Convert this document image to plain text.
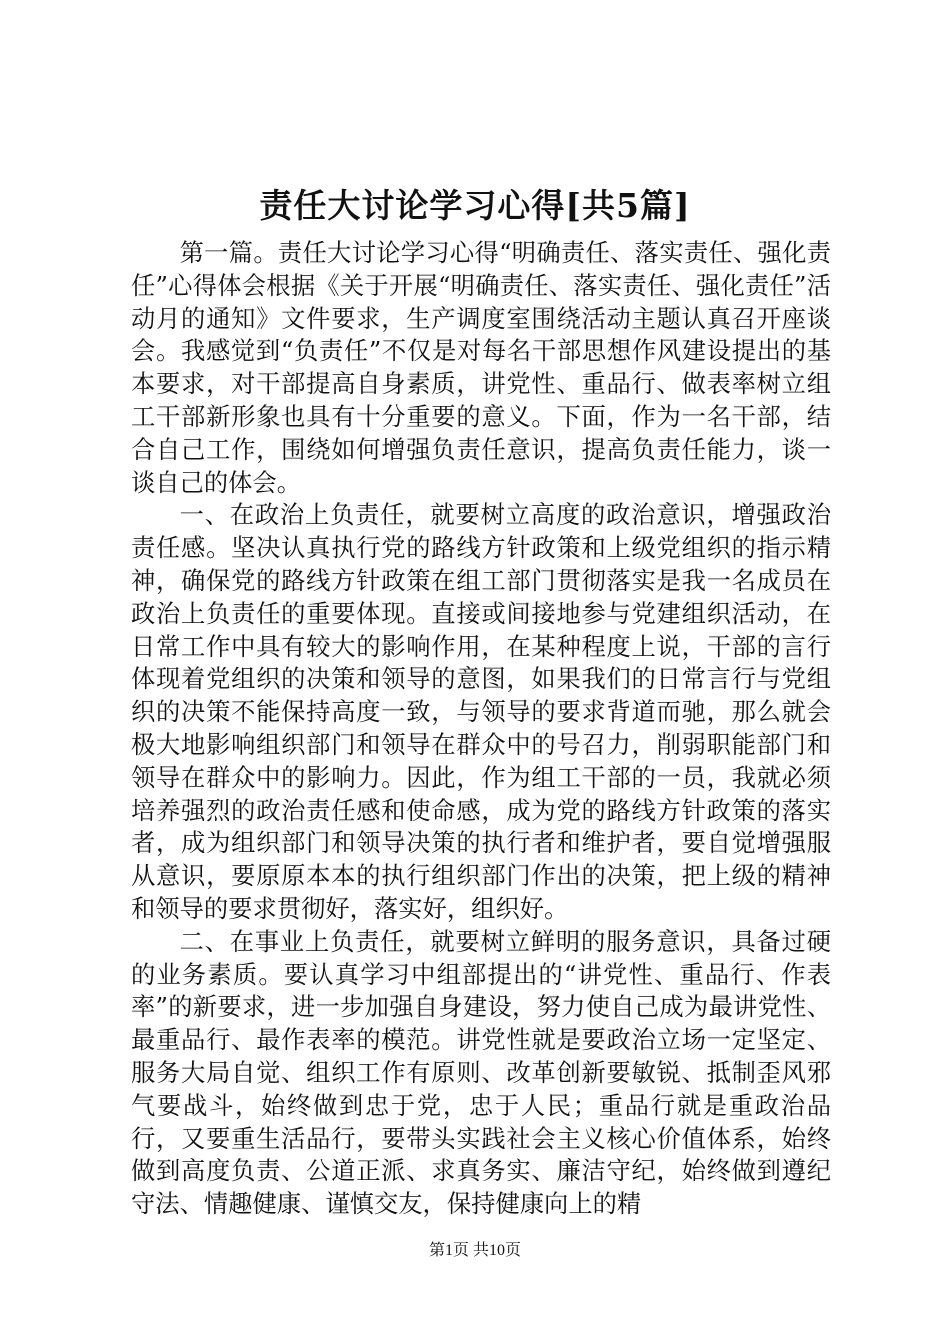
责任大讨论学习心得[共5篇]

第一篇。责任大讨论学习心得“明确责任、落实责任、强化责任”心得体会根据《关于开展“明确责任、落实责任、强化责任”活动月的通知》文件要求，生产调度室围绕活动主题认真召开座谈会。我感觉到“负责任”不仅是对每名干部思想作风建设提出的基本要求，对干部提高自身素质，讲党性、重品行、做表率树立组工干部新形象也具有十分重要的意义。下面，作为一名干部，结合自己工作，围绕如何增强负责任意识，提高负责任能力，谈一谈自己的体会。

一、在政治上负责任，就要树立高度的政治意识，增强政治责任感。坚决认真执行党的路线方针政策和上级党组织的指示精神，确保党的路线方针政策在组工部门贯彻落实是我一名成员在政治上负责任的重要体现。直接或间接地参与党建组织活动，在日常工作中具有较大的影响作用，在某种程度上说，干部的言行体现着党组织的决策和领导的意图，如果我们的日常言行与党组织的决策不能保持高度一致，与领导的要求背道而驰，那么就会极大地影响组织部门和领导在群众中的号召力，削弱职能部门和领导在群众中的影响力。因此，作为组工干部的一员，我就必须培养强烈的政治责任感和使命感，成为党的路线方针政策的落实者，成为组织部门和领导决策的执行者和维护者，要自觉增强服从意识，要原原本本的执行组织部门作出的决策，把上级的精神和领导的要求贯彻好，落实好，组织好。

二、在事业上负责任，就要树立鲜明的服务意识，具备过硬的业务素质。要认真学习中组部提出的“讲党性、重品行、作表率”的新要求，进一步加强自身建设，努力使自己成为最讲党性、最重品行、最作表率的模范。讲党性就是要政治立场一定坚定、服务大局自觉、组织工作有原则、改革创新要敏锐、抵制歪风邪气要战斗，始终做到忠于党，忠于人民；重品行就是重政治品行，又要重生活品行，要带头实践社会主义核心价值体系，始终做到高度负责、公道正派、求真务实、廉洁守纪，始终做到遵纪守法、情趣健康、谨慎交友，保持健康向上的精

第1页 共10页
